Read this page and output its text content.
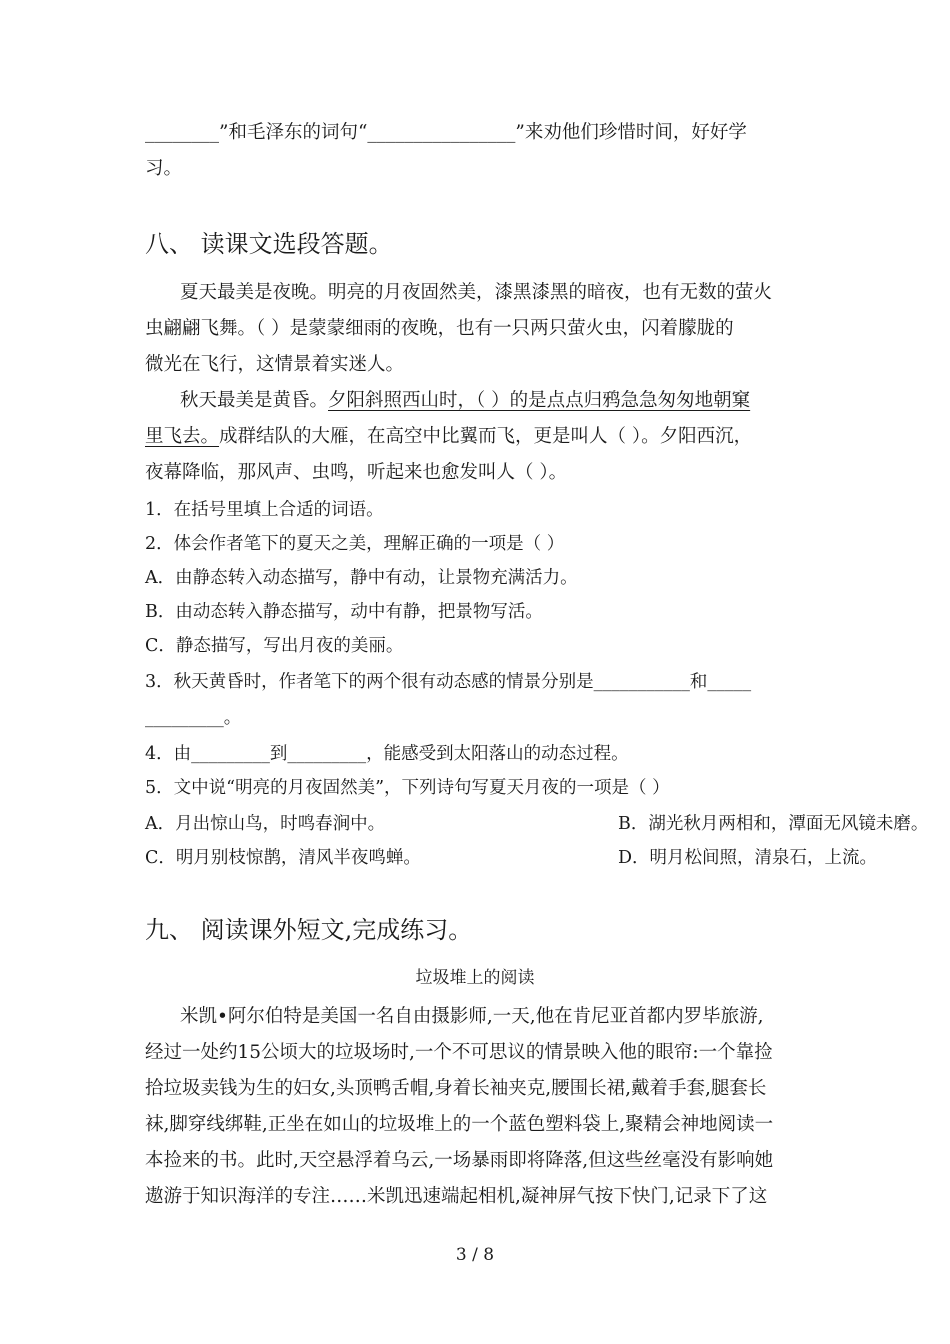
________”和毛泽东的词句“________________”来劝他们珍惜时间，好好学
习。
八、 读课文选段答题。
夏天最美是夜晚。明亮的月夜固然美，漆黑漆黑的暗夜，也有无数的萤火
虫翩翩飞舞。（ ）是蒙蒙细雨的夜晚，也有一只两只萤火虫，闪着朦胧的
微光在飞行，这情景着实迷人。
秋天最美是黄昏。夕阳斜照西山时，（ ）的是点点归鸦急急匆匆地朝窠
里飞去。成群结队的大雁，在高空中比翼而飞，更是叫人（ ）。夕阳西沉，
夜幕降临，那风声、虫鸣，听起来也愈发叫人（ ）。
1．在括号里填上合适的词语。
2．体会作者笔下的夏天之美，理解正确的一项是（ ）
A．由静态转入动态描写，静中有动，让景物充满活力。
B．由动态转入静态描写，动中有静，把景物写活。
C．静态描写，写出月夜的美丽。
3．秋天黄昏时，作者笔下的两个很有动态感的情景分别是___________和_____
_________。
4．由_________到_________，能感受到太阳落山的动态过程。
5．文中说“明亮的月夜固然美”，下列诗句写夏天月夜的一项是（ ）
A．月出惊山鸟，时鸣春涧中。	B．湖光秋月两相和，潭面无风镜未磨。
C．明月别枝惊鹊，清风半夜鸣蝉。	D．明月松间照，清泉石，上流。
九、 阅读课外短文,完成练习。
垃圾堆上的阅读
米凯•阿尔伯特是美国一名自由摄影师,一天,他在肯尼亚首都内罗毕旅游,
经过一处约15公顷大的垃圾场时,一个不可思议的情景映入他的眼帘:一个靠捡
拾垃圾卖钱为生的妇女,头顶鸭舌帽,身着长袖夹克,腰围长裙,戴着手套,腿套长
袜,脚穿线绑鞋,正坐在如山的垃圾堆上的一个蓝色塑料袋上,聚精会神地阅读一
本捡来的书。此时,天空悬浮着乌云,一场暴雨即将降落,但这些丝毫没有影响她
遨游于知识海洋的专注……米凯迅速端起相机,凝神屏气按下快门,记录下了这
3 / 8
